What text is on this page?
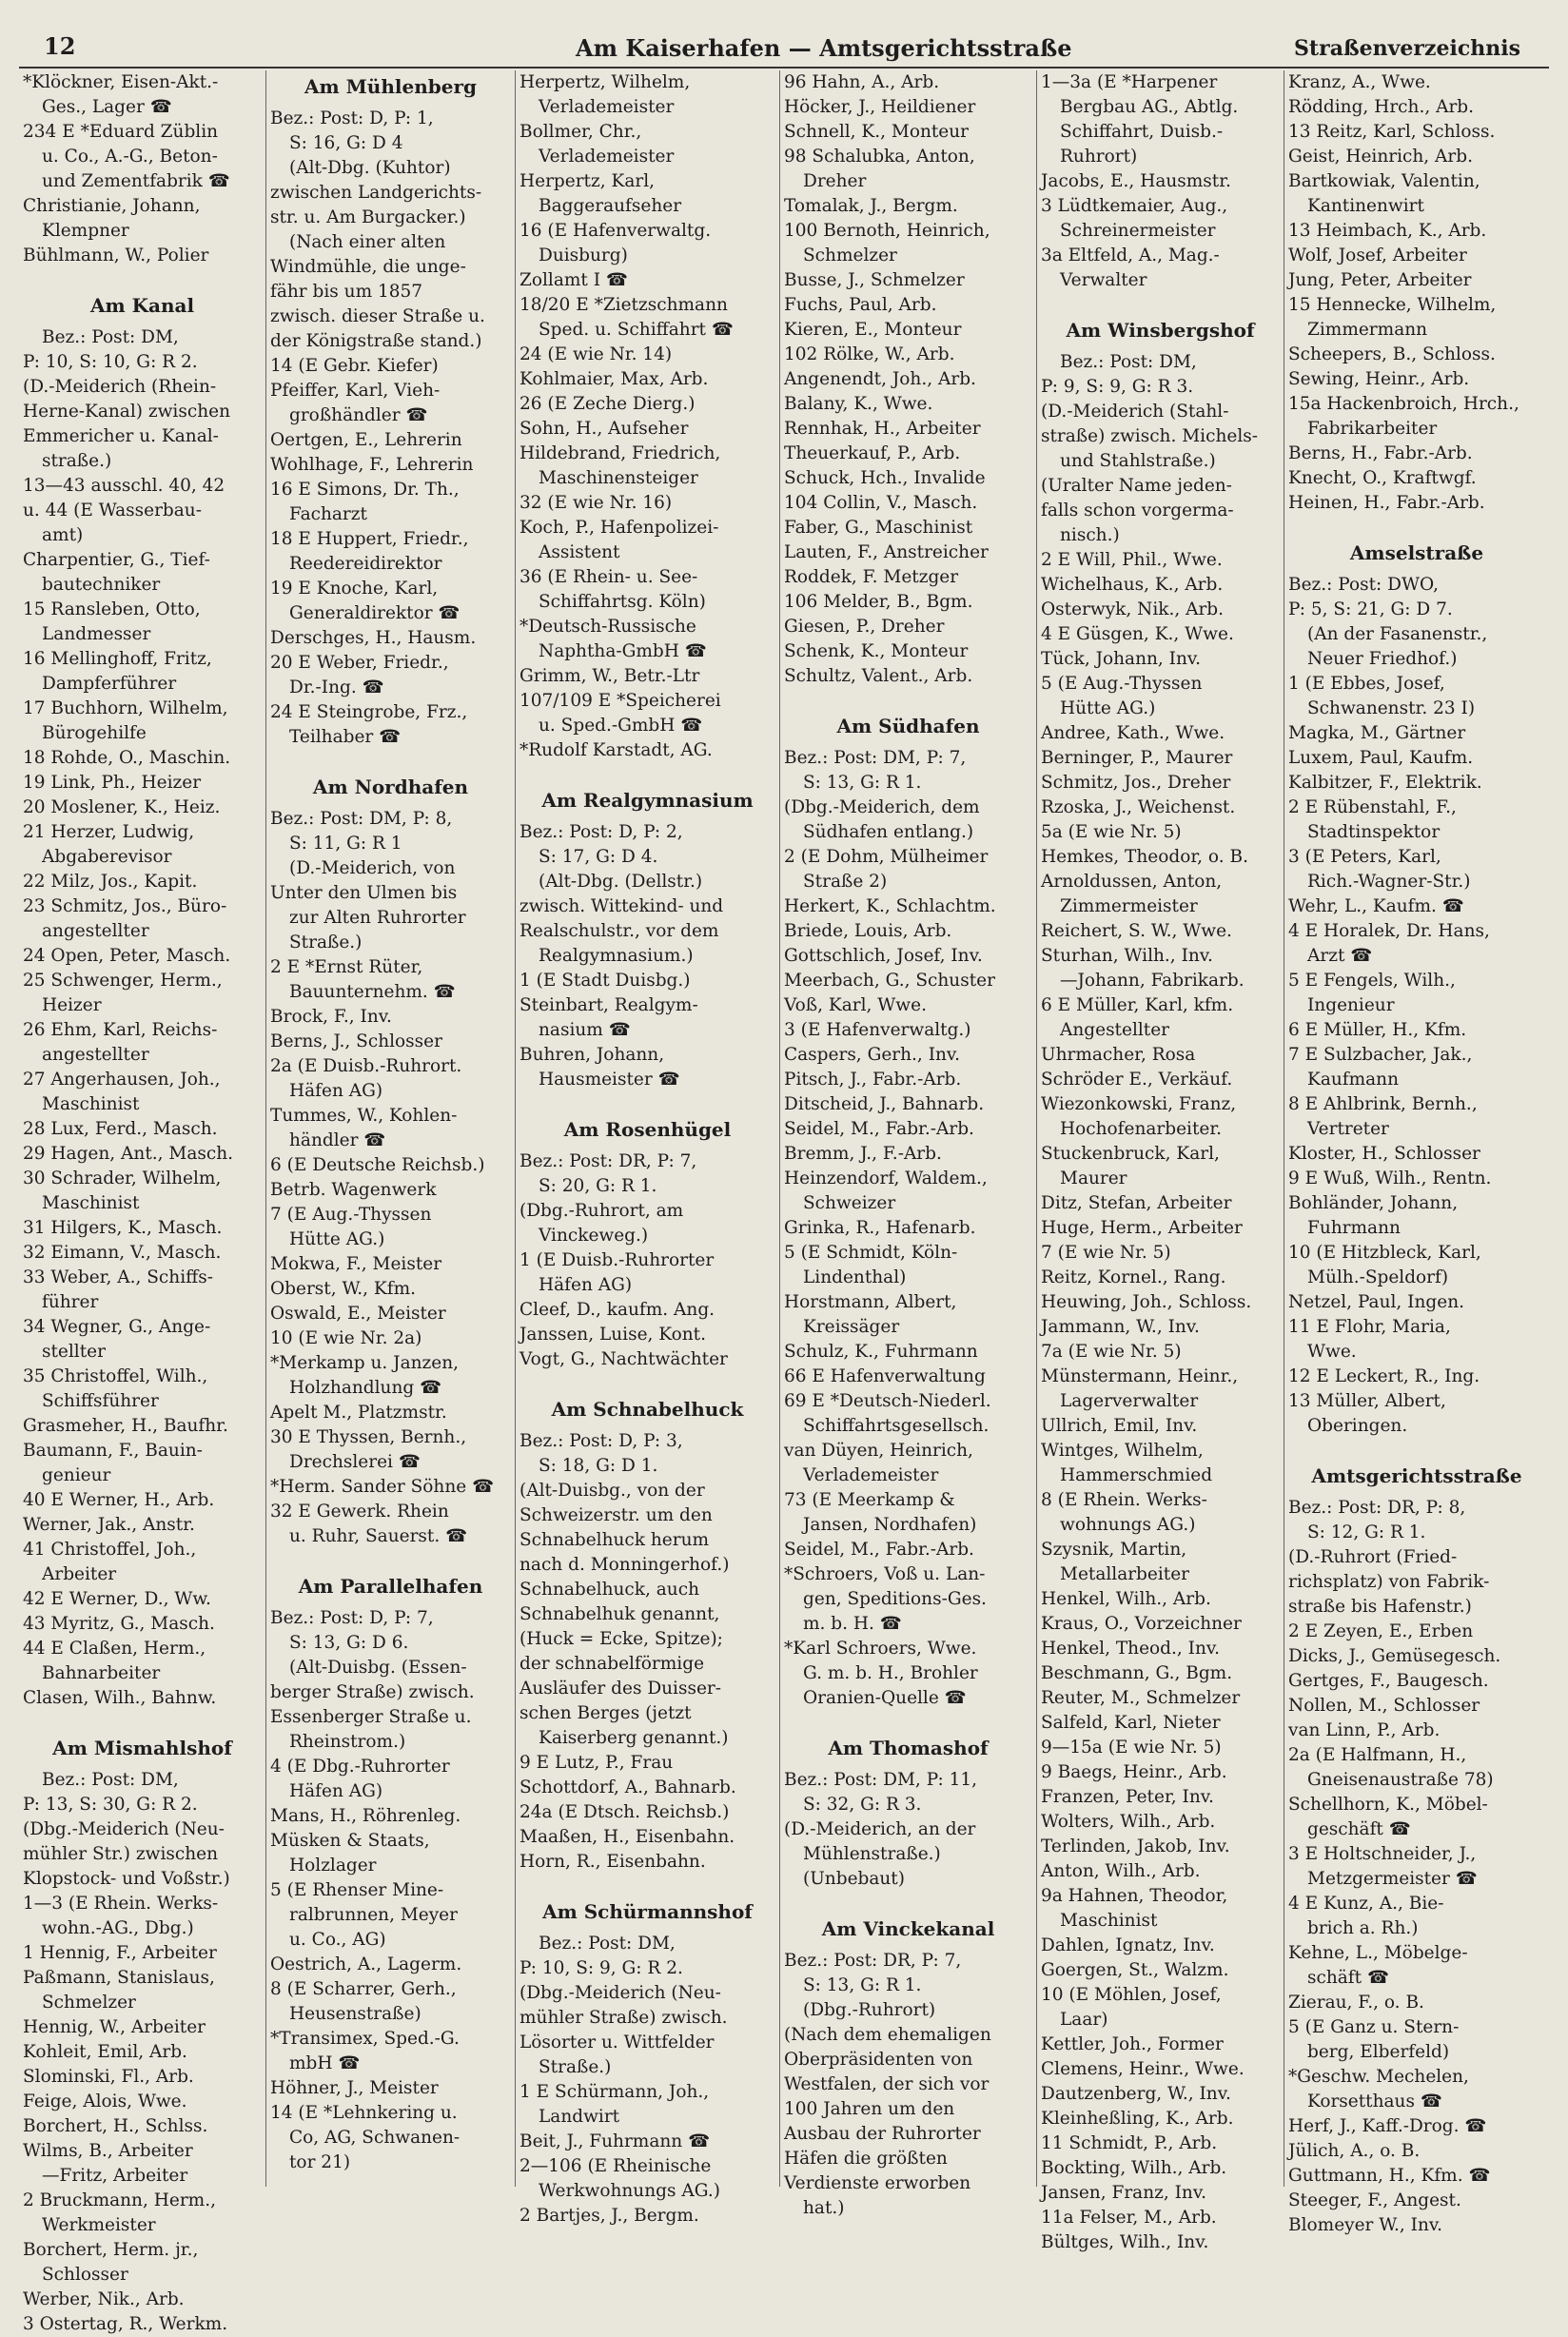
12	Am Kaiserhafen — Amtsgerichtsstraße	Straßenverzeichnis
*Klöckner, Eisen-Akt.-
Ges., Lager ☎
234 E *Eduard Züblin
u. Co., A.-G., Beton-
und Zementfabrik ☎
Christianie, Johann,
Klempner
Bühlmann, W., Polier
Am Kanal
Bez.: Post: DM,
P: 10, S: 10, G: R 2.
(D.-Meiderich (Rhein-
Herne-Kanal) zwischen
Emmericher u. Kanal-
straße.)
13—43 ausschl. 40, 42
u. 44 (E Wasserbau-
amt)
Charpentier, G., Tief-
bautechniker
15 Ransleben, Otto,
Landmesser
16 Mellinghoff, Fritz,
Dampferführer
17 Buchhorn, Wilhelm,
Bürogehilfe
18 Rohde, O., Maschin.
19 Link, Ph., Heizer
20 Moslener, K., Heiz.
21 Herzer, Ludwig,
Abgaberevisor
22 Milz, Jos., Kapit.
23 Schmitz, Jos., Büro-
angestellter
24 Open, Peter, Masch.
25 Schwenger, Herm.,
Heizer
26 Ehm, Karl, Reichs-
angestellter
27 Angerhausen, Joh.,
Maschinist
28 Lux, Ferd., Masch.
29 Hagen, Ant., Masch.
30 Schrader, Wilhelm,
Maschinist
31 Hilgers, K., Masch.
32 Eimann, V., Masch.
33 Weber, A., Schiffs-
führer
34 Wegner, G., Ange-
stellter
35 Christoffel, Wilh.,
Schiffsführer
Grasmeher, H., Baufhr.
Baumann, F., Bauin-
genieur
40 E Werner, H., Arb.
Werner, Jak., Anstr.
41 Christoffel, Joh.,
Arbeiter
42 E Werner, D., Ww.
43 Myritz, G., Masch.
44 E Claßen, Herm.,
Bahnarbeiter
Clasen, Wilh., Bahnw.
Am Mismahlshof
Bez.: Post: DM,
P: 13, S: 30, G: R 2.
(Dbg.-Meiderich (Neu-
mühler Str.) zwischen
Klopstock- und Voßstr.)
1—3 (E Rhein. Werks-
wohn.-AG., Dbg.)
1 Hennig, F., Arbeiter
Paßmann, Stanislaus,
Schmelzer
Hennig, W., Arbeiter
Kohleit, Emil, Arb.
Slominski, Fl., Arb.
Feige, Alois, Wwe.
Borchert, H., Schlss.
Wilms, B., Arbeiter
—Fritz, Arbeiter
2 Bruckmann, Herm.,
Werkmeister
Borchert, Herm. jr.,
Schlosser
Werber, Nik., Arb.
3 Ostertag, R., Werkm.
Am Mühlenberg
Bez.: Post: D, P: 1,
S: 16, G: D 4
(Alt-Dbg. (Kuhtor)
zwischen Landgerichts-
str. u. Am Burgacker.)
(Nach einer alten
Windmühle, die unge-
fähr bis um 1857
zwisch. dieser Straße u.
der Königstraße stand.)
14 (E Gebr. Kiefer)
Pfeiffer, Karl, Vieh-
großhändler ☎
Oertgen, E., Lehrerin
Wohlhage, F., Lehrerin
16 E Simons, Dr. Th.,
Facharzt
18 E Huppert, Friedr.,
Reedereidirektor
19 E Knoche, Karl,
Generaldirektor ☎
Derschges, H., Hausm.
20 E Weber, Friedr.,
Dr.-Ing. ☎
24 E Steingrobe, Frz.,
Teilhaber ☎
Am Nordhafen
Bez.: Post: DM, P: 8,
S: 11, G: R 1
(D.-Meiderich, von
Unter den Ulmen bis
zur Alten Ruhrorter
Straße.)
2 E *Ernst Rüter,
Bauunternehm. ☎
Brock, F., Inv.
Berns, J., Schlosser
2a (E Duisb.-Ruhrort.
Häfen AG)
Tummes, W., Kohlen-
händler ☎
6 (E Deutsche Reichsb.)
Betrb. Wagenwerk
7 (E Aug.-Thyssen
Hütte AG.)
Mokwa, F., Meister
Oberst, W., Kfm.
Oswald, E., Meister
10 (E wie Nr. 2a)
*Merkamp u. Janzen,
Holzhandlung ☎
Apelt M., Platzmstr.
30 E Thyssen, Bernh.,
Drechslerei ☎
*Herm. Sander Söhne ☎
32 E Gewerk. Rhein
u. Ruhr, Sauerst. ☎
Am Parallelhafen
Bez.: Post: D, P: 7,
S: 13, G: D 6.
(Alt-Duisbg. (Essen-
berger Straße) zwisch.
Essenberger Straße u.
Rheinstrom.)
4 (E Dbg.-Ruhrorter
Häfen AG)
Mans, H., Röhrenleg.
Müsken & Staats,
Holzlager
5 (E Rhenser Mine-
ralbrunnen, Meyer
u. Co., AG)
Oestrich, A., Lagerm.
8 (E Scharrer, Gerh.,
Heusenstraße)
*Transimex, Sped.-G.
mbH ☎
Höhner, J., Meister
14 (E *Lehnkering u.
Co, AG, Schwanen-
tor 21)
Herpertz, Wilhelm,
Verlademeister
Bollmer, Chr.,
Verlademeister
Herpertz, Karl,
Baggeraufseher
16 (E Hafenverwaltg.
Duisburg)
Zollamt I ☎
18/20 E *Zietzschmann
Sped. u. Schiffahrt ☎
24 (E wie Nr. 14)
Kohlmaier, Max, Arb.
26 (E Zeche Dierg.)
Sohn, H., Aufseher
Hildebrand, Friedrich,
Maschinensteiger
32 (E wie Nr. 16)
Koch, P., Hafenpolizei-
Assistent
36 (E Rhein- u. See-
Schiffahrtsg. Köln)
*Deutsch-Russische
Naphtha-GmbH ☎
Grimm, W., Betr.-Ltr
107/109 E *Speicherei
u. Sped.-GmbH ☎
*Rudolf Karstadt, AG.
Am Realgymnasium
Bez.: Post: D, P: 2,
S: 17, G: D 4.
(Alt-Dbg. (Dellstr.)
zwisch. Wittekind- und
Realschulstr., vor dem
Realgymnasium.)
1 (E Stadt Duisbg.)
Steinbart, Realgym-
nasium ☎
Buhren, Johann,
Hausmeister ☎
Am Rosenhügel
Bez.: Post: DR, P: 7,
S: 20, G: R 1.
(Dbg.-Ruhrort, am
Vinckeweg.)
1 (E Duisb.-Ruhrorter
Häfen AG)
Cleef, D., kaufm. Ang.
Janssen, Luise, Kont.
Vogt, G., Nachtwächter
Am Schnabelhuck
Bez.: Post: D, P: 3,
S: 18, G: D 1.
(Alt-Duisbg., von der
Schweizerstr. um den
Schnabelhuck herum
nach d. Monningerhof.)
Schnabelhuck, auch
Schnabelhuk genannt,
(Huck = Ecke, Spitze);
der schnabelförmige
Ausläufer des Duisser-
schen Berges (jetzt
Kaiserberg genannt.)
9 E Lutz, P., Frau
Schottdorf, A., Bahnarb.
24a (E Dtsch. Reichsb.)
Maaßen, H., Eisenbahn.
Horn, R., Eisenbahn.
Am Schürmannshof
Bez.: Post: DM,
P: 10, S: 9, G: R 2.
(Dbg.-Meiderich (Neu-
mühler Straße) zwisch.
Lösorter u. Wittfelder
Straße.)
1 E Schürmann, Joh.,
Landwirt
Beit, J., Fuhrmann ☎
2—106 (E Rheinische
Werkwohnungs AG.)
2 Bartjes, J., Bergm.
96 Hahn, A., Arb.
Höcker, J., Heildiener
Schnell, K., Monteur
98 Schalubka, Anton,
Dreher
Tomalak, J., Bergm.
100 Bernoth, Heinrich,
Schmelzer
Busse, J., Schmelzer
Fuchs, Paul, Arb.
Kieren, E., Monteur
102 Rölke, W., Arb.
Angenendt, Joh., Arb.
Balany, K., Wwe.
Rennhak, H., Arbeiter
Theuerkauf, P., Arb.
Schuck, Hch., Invalide
104 Collin, V., Masch.
Faber, G., Maschinist
Lauten, F., Anstreicher
Roddek, F. Metzger
106 Melder, B., Bgm.
Giesen, P., Dreher
Schenk, K., Monteur
Schultz, Valent., Arb.
Am Südhafen
Bez.: Post: DM, P: 7,
S: 13, G: R 1.
(Dbg.-Meiderich, dem
Südhafen entlang.)
2 (E Dohm, Mülheimer
Straße 2)
Herkert, K., Schlachtm.
Briede, Louis, Arb.
Gottschlich, Josef, Inv.
Meerbach, G., Schuster
Voß, Karl, Wwe.
3 (E Hafenverwaltg.)
Caspers, Gerh., Inv.
Pitsch, J., Fabr.-Arb.
Ditscheid, J., Bahnarb.
Seidel, M., Fabr.-Arb.
Bremm, J., F.-Arb.
Heinzendorf, Waldem.,
Schweizer
Grinka, R., Hafenarb.
5 (E Schmidt, Köln-
Lindenthal)
Horstmann, Albert,
Kreissäger
Schulz, K., Fuhrmann
66 E Hafenverwaltung
69 E *Deutsch-Niederl.
Schiffahrtsgesellsch.
van Düyen, Heinrich,
Verlademeister
73 (E Meerkamp &
Jansen, Nordhafen)
Seidel, M., Fabr.-Arb.
*Schroers, Voß u. Lan-
gen, Speditions-Ges.
m. b. H. ☎
*Karl Schroers, Wwe.
G. m. b. H., Brohler
Oranien-Quelle ☎
Am Thomashof
Bez.: Post: DM, P: 11,
S: 32, G: R 3.
(D.-Meiderich, an der
Mühlenstraße.)
(Unbebaut)
Am Vinckekanal
Bez.: Post: DR, P: 7,
S: 13, G: R 1.
(Dbg.-Ruhrort)
(Nach dem ehemaligen
Oberpräsidenten von
Westfalen, der sich vor
100 Jahren um den
Ausbau der Ruhrorter
Häfen die größten
Verdienste erworben
hat.)
1—3a (E *Harpener
Bergbau AG., Abtlg.
Schiffahrt, Duisb.-
Ruhrort)
Jacobs, E., Hausmstr.
3 Lüdtkemaier, Aug.,
Schreinermeister
3a Eltfeld, A., Mag.-
Verwalter
Am Winsbergshof
Bez.: Post: DM,
P: 9, S: 9, G: R 3.
(D.-Meiderich (Stahl-
straße) zwisch. Michels-
und Stahlstraße.)
(Uralter Name jeden-
falls schon vorgerma-
nisch.)
2 E Will, Phil., Wwe.
Wichelhaus, K., Arb.
Osterwyk, Nik., Arb.
4 E Güsgen, K., Wwe.
Tück, Johann, Inv.
5 (E Aug.-Thyssen
Hütte AG.)
Andree, Kath., Wwe.
Berninger, P., Maurer
Schmitz, Jos., Dreher
Rzoska, J., Weichenst.
5a (E wie Nr. 5)
Hemkes, Theodor, o. B.
Arnoldussen, Anton,
Zimmermeister
Reichert, S. W., Wwe.
Sturhan, Wilh., Inv.
—Johann, Fabrikarb.
6 E Müller, Karl, kfm.
Angestellter
Uhrmacher, Rosa
Schröder E., Verkäuf.
Wiezonkowski, Franz,
Hochofenarbeiter.
Stuckenbruck, Karl,
Maurer
Ditz, Stefan, Arbeiter
Huge, Herm., Arbeiter
7 (E wie Nr. 5)
Reitz, Kornel., Rang.
Heuwing, Joh., Schloss.
Jammann, W., Inv.
7a (E wie Nr. 5)
Münstermann, Heinr.,
Lagerverwalter
Ullrich, Emil, Inv.
Wintges, Wilhelm,
Hammerschmied
8 (E Rhein. Werks-
wohnungs AG.)
Szysnik, Martin,
Metallarbeiter
Henkel, Wilh., Arb.
Kraus, O., Vorzeichner
Henkel, Theod., Inv.
Beschmann, G., Bgm.
Reuter, M., Schmelzer
Salfeld, Karl, Nieter
9—15a (E wie Nr. 5)
9 Baegs, Heinr., Arb.
Franzen, Peter, Inv.
Wolters, Wilh., Arb.
Terlinden, Jakob, Inv.
Anton, Wilh., Arb.
9a Hahnen, Theodor,
Maschinist
Dahlen, Ignatz, Inv.
Goergen, St., Walzm.
10 (E Möhlen, Josef,
Laar)
Kettler, Joh., Former
Clemens, Heinr., Wwe.
Dautzenberg, W., Inv.
Kleinheßling, K., Arb.
11 Schmidt, P., Arb.
Bockting, Wilh., Arb.
Jansen, Franz, Inv.
11a Felser, M., Arb.
Bültges, Wilh., Inv.
Kranz, A., Wwe.
Rödding, Hrch., Arb.
13 Reitz, Karl, Schloss.
Geist, Heinrich, Arb.
Bartkowiak, Valentin,
Kantinenwirt
13 Heimbach, K., Arb.
Wolf, Josef, Arbeiter
Jung, Peter, Arbeiter
15 Hennecke, Wilhelm,
Zimmermann
Scheepers, B., Schloss.
Sewing, Heinr., Arb.
15a Hackenbroich, Hrch.,
Fabrikarbeiter
Berns, H., Fabr.-Arb.
Knecht, O., Kraftwgf.
Heinen, H., Fabr.-Arb.
Amselstraße
Bez.: Post: DWO,
P: 5, S: 21, G: D 7.
(An der Fasanenstr.,
Neuer Friedhof.)
1 (E Ebbes, Josef,
Schwanenstr. 23 I)
Magka, M., Gärtner
Luxem, Paul, Kaufm.
Kalbitzer, F., Elektrik.
2 E Rübenstahl, F.,
Stadtinspektor
3 (E Peters, Karl,
Rich.-Wagner-Str.)
Wehr, L., Kaufm. ☎
4 E Horalek, Dr. Hans,
Arzt ☎
5 E Fengels, Wilh.,
Ingenieur
6 E Müller, H., Kfm.
7 E Sulzbacher, Jak.,
Kaufmann
8 E Ahlbrink, Bernh.,
Vertreter
Kloster, H., Schlosser
9 E Wuß, Wilh., Rentn.
Bohländer, Johann,
Fuhrmann
10 (E Hitzbleck, Karl,
Mülh.-Speldorf)
Netzel, Paul, Ingen.
11 E Flohr, Maria,
Wwe.
12 E Leckert, R., Ing.
13 Müller, Albert,
Oberingen.
Amtsgerichtsstraße
Bez.: Post: DR, P: 8,
S: 12, G: R 1.
(D.-Ruhrort (Fried-
richsplatz) von Fabrik-
straße bis Hafenstr.)
2 E Zeyen, E., Erben
Dicks, J., Gemüsegesch.
Gertges, F., Baugesch.
Nollen, M., Schlosser
van Linn, P., Arb.
2a (E Halfmann, H.,
Gneisenaustraße 78)
Schellhorn, K., Möbel-
geschäft ☎
3 E Holtschneider, J.,
Metzgermeister ☎
4 E Kunz, A., Bie-
brich a. Rh.)
Kehne, L., Möbelge-
schäft ☎
Zierau, F., o. B.
5 (E Ganz u. Stern-
berg, Elberfeld)
*Geschw. Mechelen,
Korsetthaus ☎
Herf, J., Kaff.-Drog. ☎
Jülich, A., o. B.
Guttmann, H., Kfm. ☎
Steeger, F., Angest.
Blomeyer W., Inv.
